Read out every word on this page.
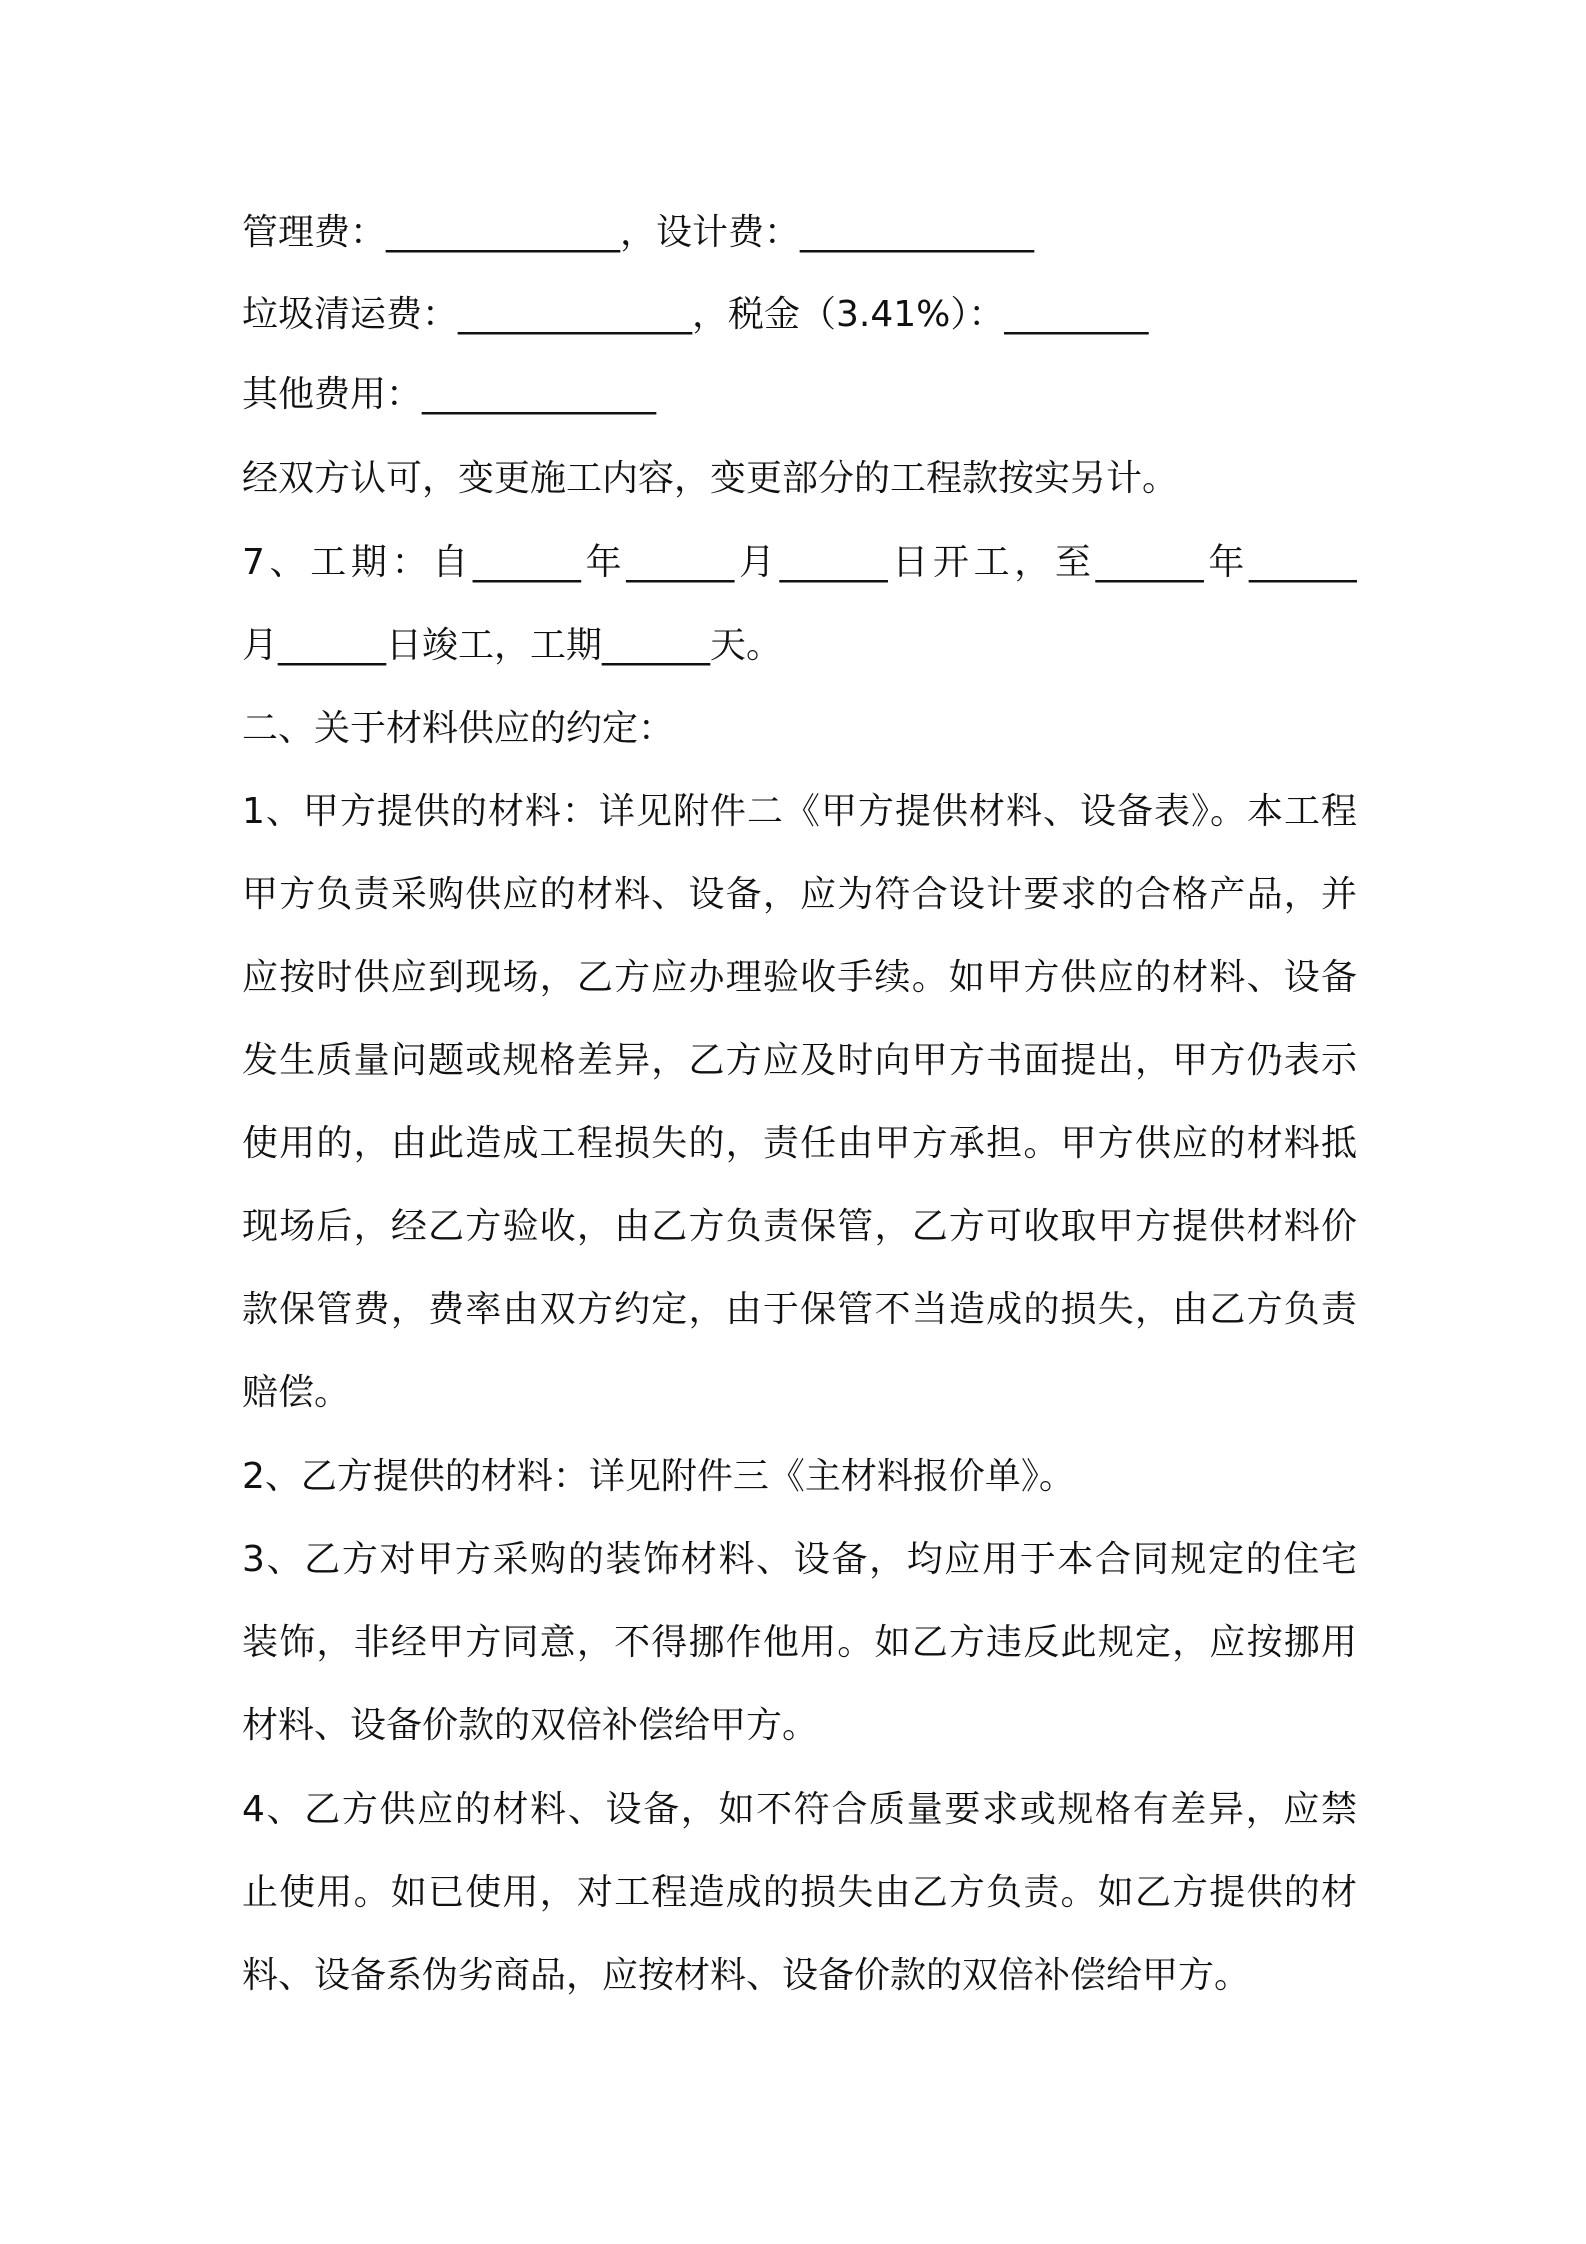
管理费：_____________，设计费：_____________
垃圾清运费：_____________，税金（3.41%）：________
其他费用：_____________
经双方认可，变更施工内容，变更部分的工程款按实另计。
7、工期：自______年______月______日开工，至______年______
月______日竣工，工期______天。
二、关于材料供应的约定：
1、甲方提供的材料：详见附件二《甲方提供材料、设备表》。本工程
甲方负责采购供应的材料、设备，应为符合设计要求的合格产品，并
应按时供应到现场，乙方应办理验收手续。如甲方供应的材料、设备
发生质量问题或规格差异，乙方应及时向甲方书面提出，甲方仍表示
使用的，由此造成工程损失的，责任由甲方承担。甲方供应的材料抵
现场后，经乙方验收，由乙方负责保管，乙方可收取甲方提供材料价
款保管费，费率由双方约定，由于保管不当造成的损失，由乙方负责
赔偿。
2、乙方提供的材料：详见附件三《主材料报价单》。
3、乙方对甲方采购的装饰材料、设备，均应用于本合同规定的住宅
装饰，非经甲方同意，不得挪作他用。如乙方违反此规定，应按挪用
材料、设备价款的双倍补偿给甲方。
4、乙方供应的材料、设备，如不符合质量要求或规格有差异，应禁
止使用。如已使用，对工程造成的损失由乙方负责。如乙方提供的材
料、设备系伪劣商品，应按材料、设备价款的双倍补偿给甲方。
